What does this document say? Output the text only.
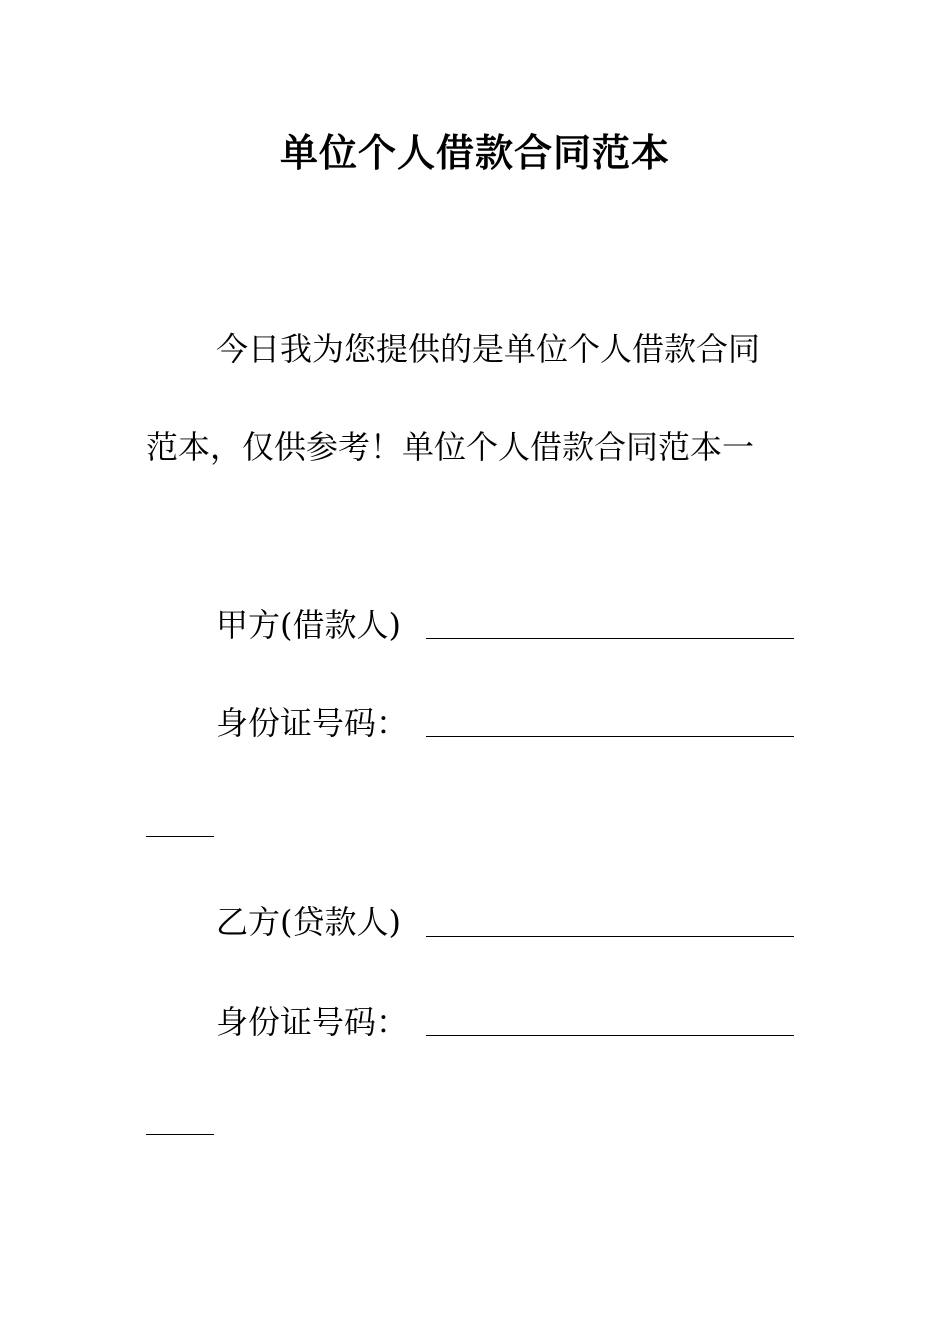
单位个人借款合同范本

今日我为您提供的是单位个人借款合同范本，仅供参考！单位个人借款合同范本一

甲方(借款人)
身份证号码：
乙方(贷款人)
身份证号码：
